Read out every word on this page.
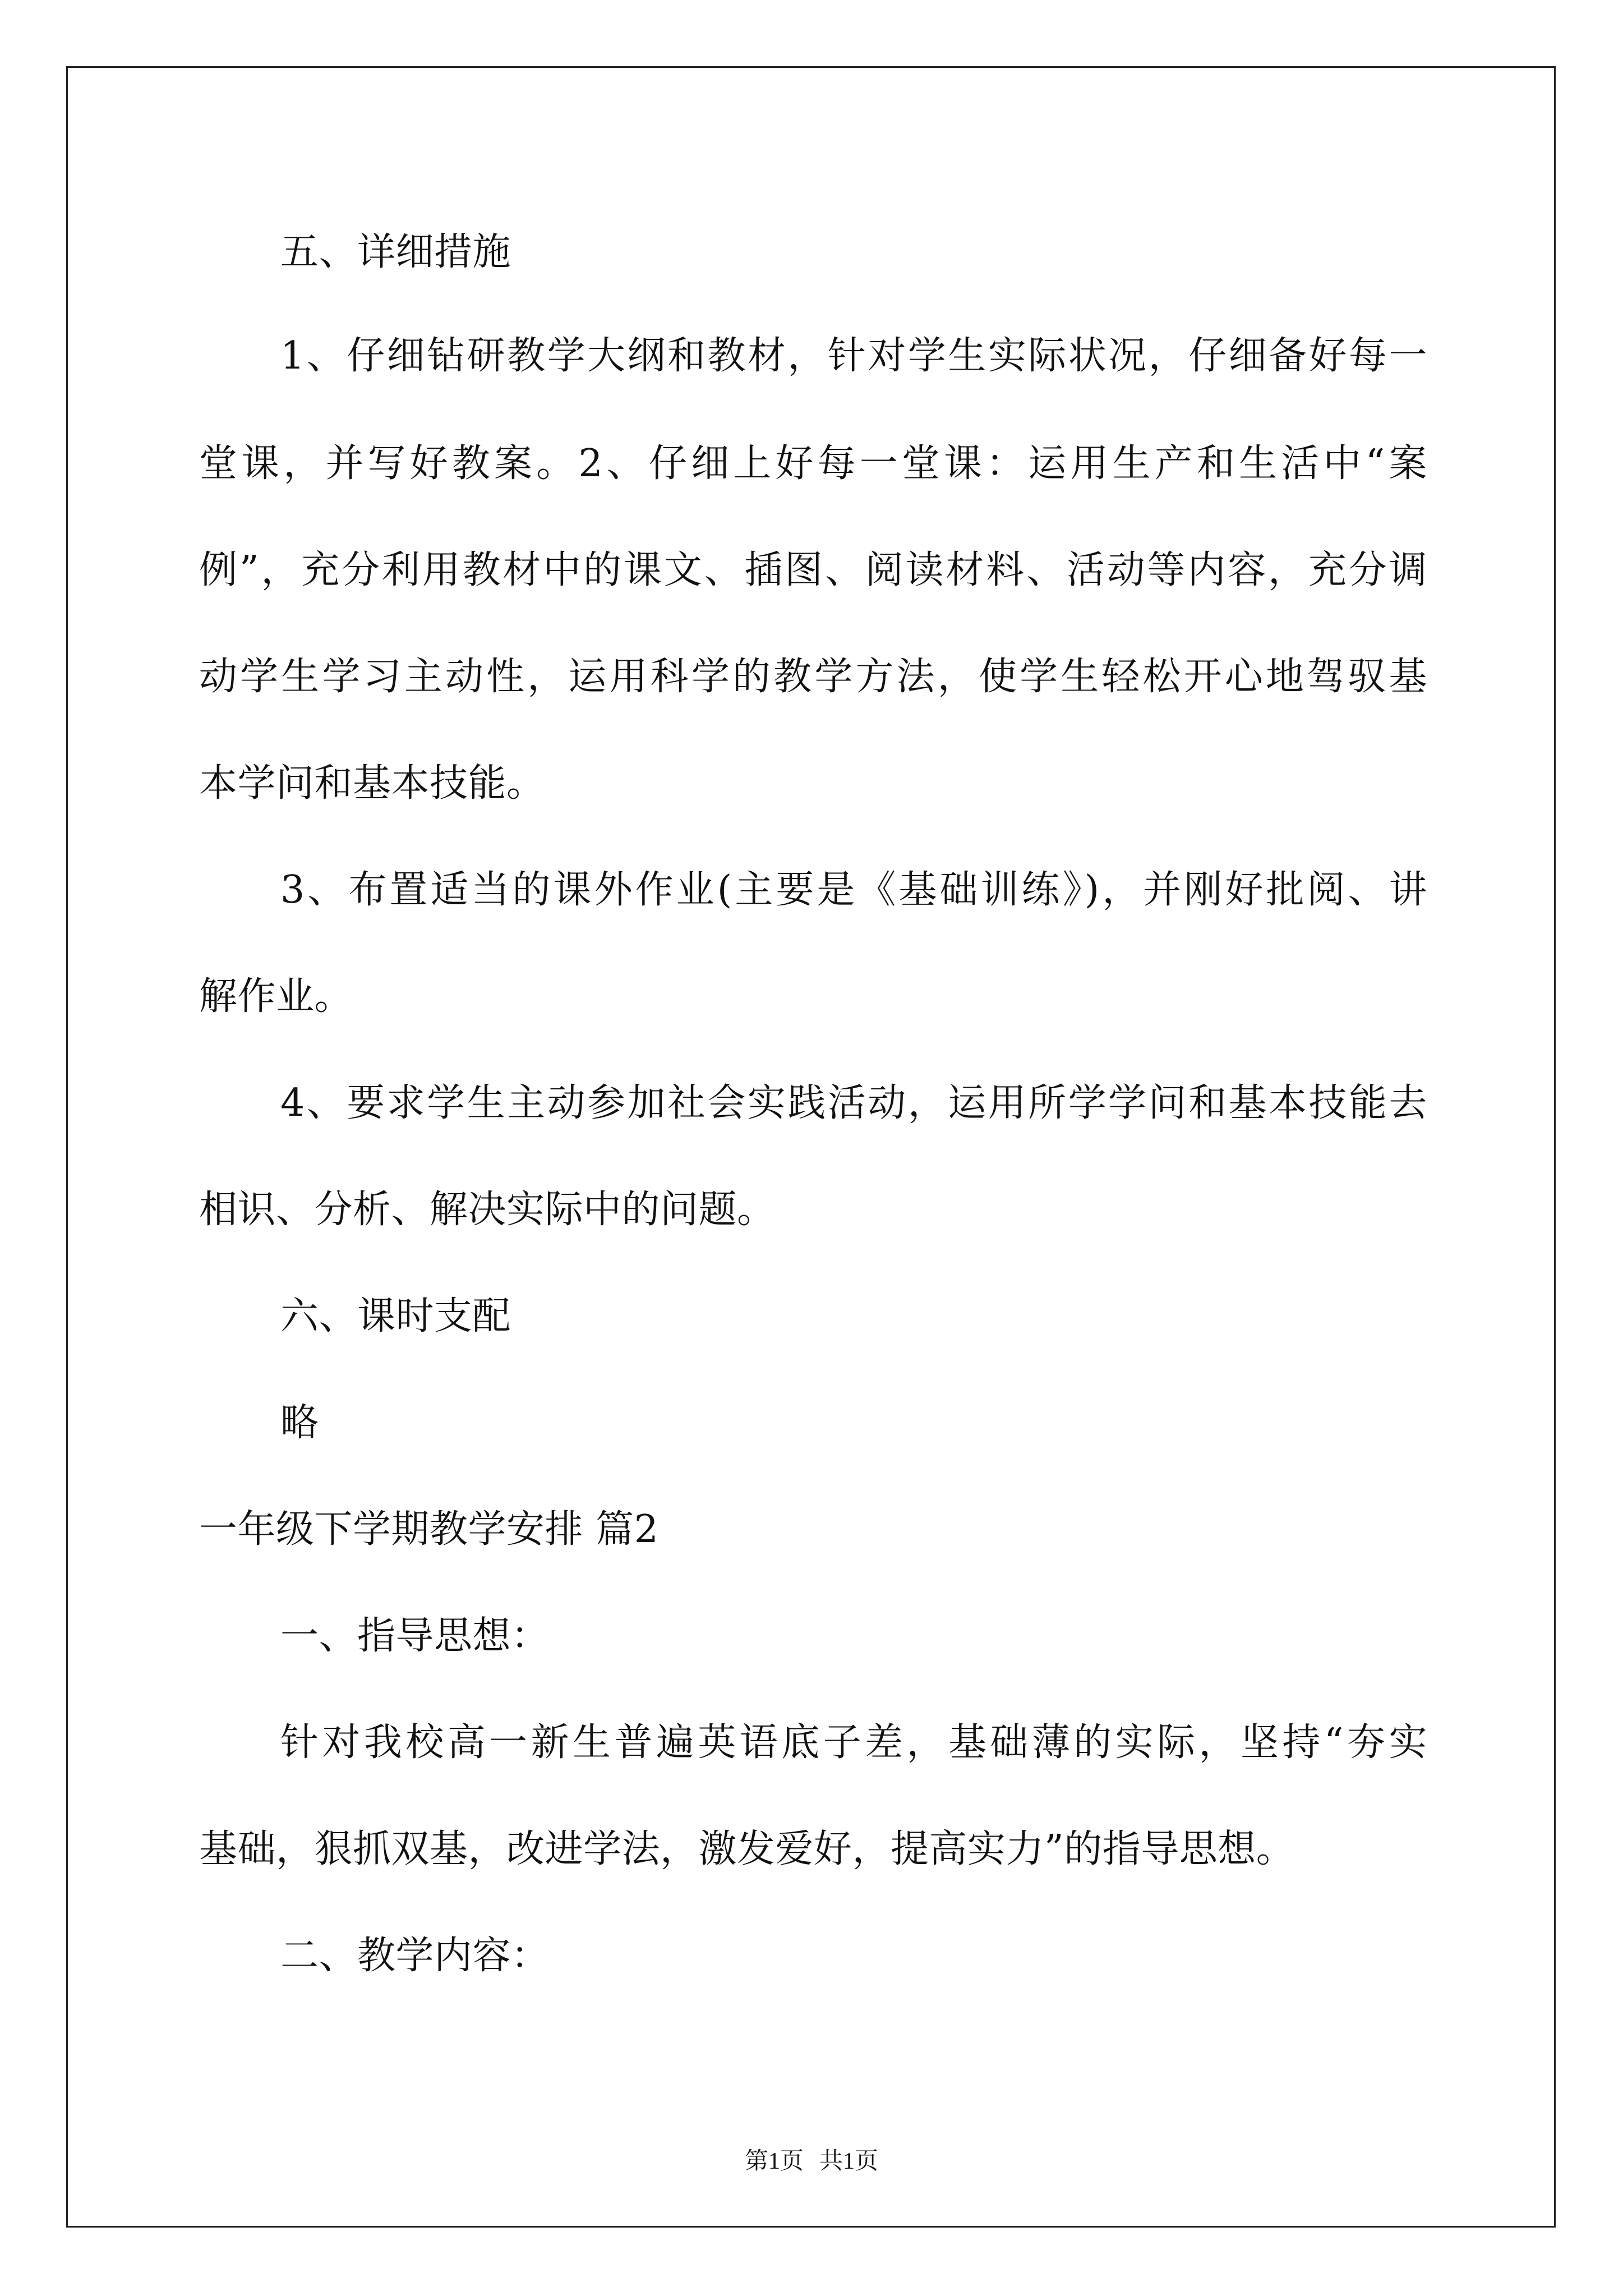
五、详细措施
1、仔细钻研教学大纲和教材，针对学生实际状况，仔细备好每一
堂课，并写好教案。2、仔细上好每一堂课：运用生产和生活中“案
例”，充分利用教材中的课文、插图、阅读材料、活动等内容，充分调
动学生学习主动性，运用科学的教学方法，使学生轻松开心地驾驭基
本学问和基本技能。
3、布置适当的课外作业(主要是《基础训练》)，并刚好批阅、讲
解作业。
4、要求学生主动参加社会实践活动，运用所学学问和基本技能去
相识、分析、解决实际中的问题。
六、课时支配
略
一年级下学期教学安排 篇2
一、指导思想：
针对我校高一新生普遍英语底子差，基础薄的实际，坚持“夯实
基础，狠抓双基，改进学法，激发爱好，提高实力”的指导思想。
二、教学内容：
第1页 共1页
